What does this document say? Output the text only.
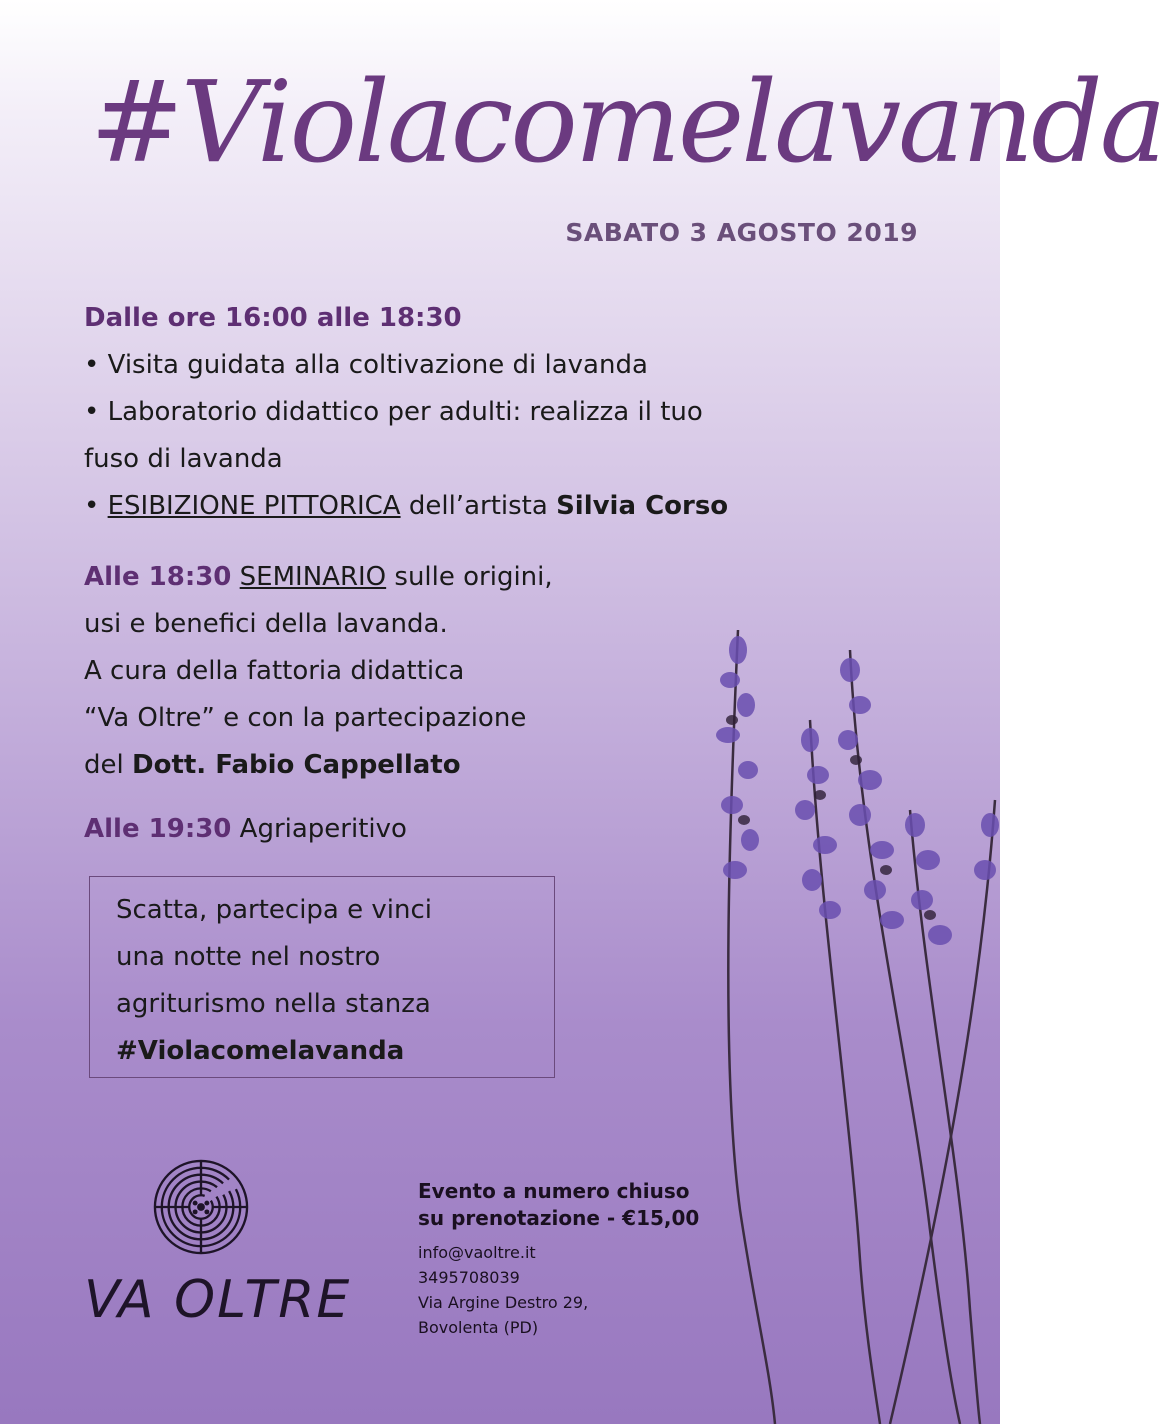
#Violacomelavanda
SABATO 3 AGOSTO 2019
Dalle ore 16:00 alle 18:30
• Visita guidata alla coltivazione di lavanda
• Laboratorio didattico per adulti: realizza il tuo
fuso di lavanda
• ESIBIZIONE PITTORICA dell’artista Silvia Corso
Alle 18:30 SEMINARIO sulle origini,
usi e benefici della lavanda.
A cura della fattoria didattica
“Va Oltre” e con la partecipazione
del Dott. Fabio Cappellato
Alle 19:30 Agriaperitivo
Scatta, partecipa e vinci
una notte nel nostro
agriturismo nella stanza
#Violacomelavanda
VA OLTRE
Evento a numero chiuso
su prenotazione - €15,00
info@vaoltre.it
3495708039
Via Argine Destro 29,
Bovolenta (PD)
